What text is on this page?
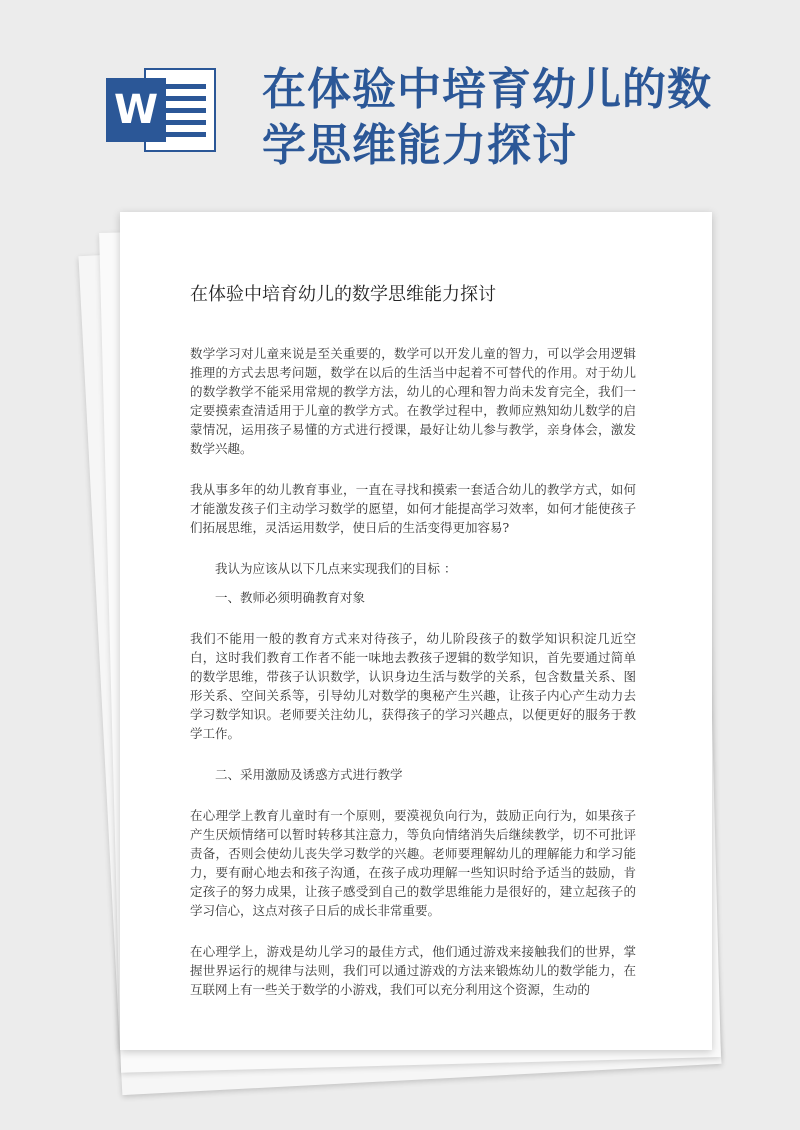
W 在体验中培育幼儿的数学思维能力探讨
在体验中培育幼儿的数学思维能力探讨

数学学习对儿童来说是至关重要的，数学可以开发儿童的智力，可以学会用逻辑推理的方式去思考问题，数学在以后的生活当中起着不可替代的作用。对于幼儿的数学教学不能采用常规的教学方法，幼儿的心理和智力尚未发育完全，我们一定要摸索查清适用于儿童的教学方式。在教学过程中，教师应熟知幼儿数学的启蒙情况，运用孩子易懂的方式进行授课，最好让幼儿参与教学，亲身体会，激发数学兴趣。

我从事多年的幼儿教育事业，一直在寻找和摸索一套适合幼儿的教学方式，如何才能激发孩子们主动学习数学的愿望，如何才能提高学习效率，如何才能使孩子们拓展思维，灵活运用数学，使日后的生活变得更加容易?

我认为应该从以下几点来实现我们的目标 ：

一、教师必须明确教育对象

我们不能用一般的教育方式来对待孩子，幼儿阶段孩子的数学知识积淀几近空白，这时我们教育工作者不能一味地去教孩子逻辑的数学知识，首先要通过简单的数学思维，带孩子认识数学，认识身边生活与数学的关系，包含数量关系、图形关系、空间关系等，引导幼儿对数学的奥秘产生兴趣，让孩子内心产生动力去学习数学知识。老师要关注幼儿，获得孩子的学习兴趣点，以便更好的服务于教学工作。

二、采用激励及诱惑方式进行教学

在心理学上教育儿童时有一个原则，要漠视负向行为，鼓励正向行为，如果孩子产生厌烦情绪可以暂时转移其注意力，等负向情绪消失后继续教学，切不可批评责备，否则会使幼儿丧失学习数学的兴趣。老师要理解幼儿的理解能力和学习能力，要有耐心地去和孩子沟通，在孩子成功理解一些知识时给予适当的鼓励，肯定孩子的努力成果，让孩子感受到自己的数学思维能力是很好的，建立起孩子的学习信心，这点对孩子日后的成长非常重要。

在心理学上，游戏是幼儿学习的最佳方式，他们通过游戏来接触我们的世界，掌握世界运行的规律与法则，我们可以通过游戏的方法来锻炼幼儿的数学能力，在互联网上有一些关于数学的小游戏，我们可以充分利用这个资源，生动的
